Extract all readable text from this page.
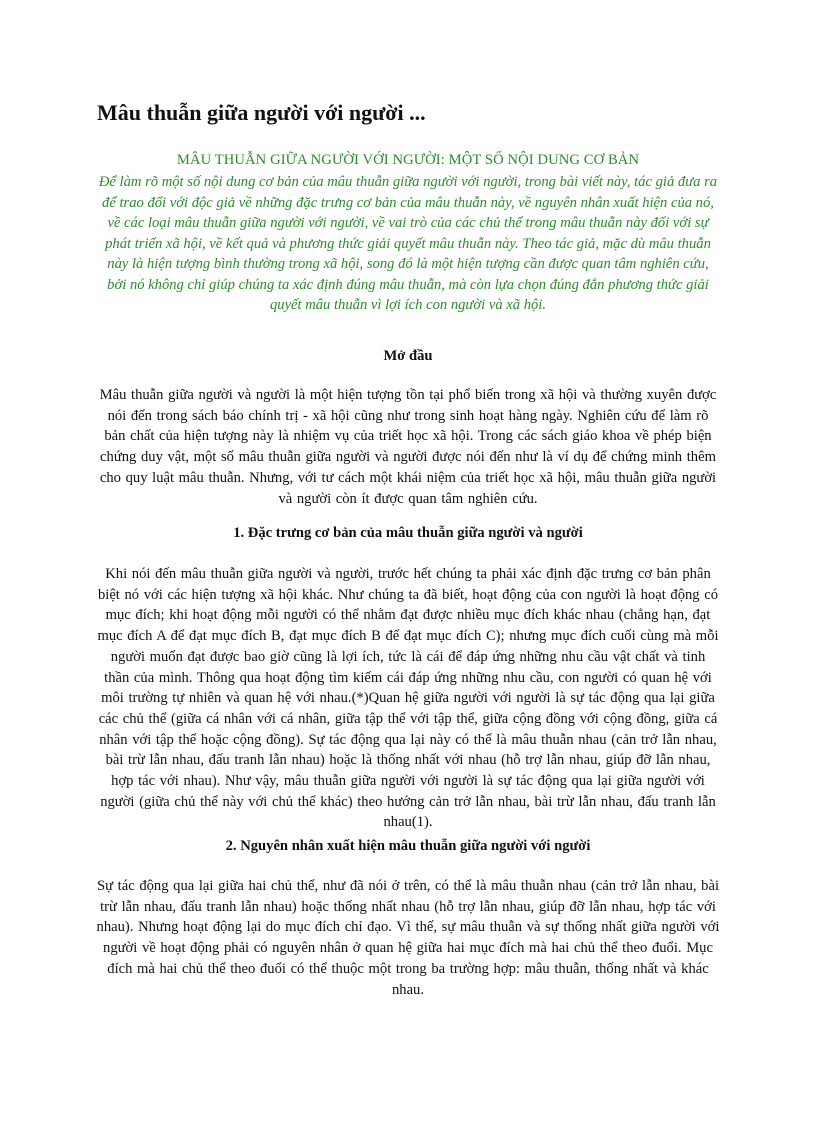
Mâu thuẫn giữa người với người ...

MÂU THUẪN GIỮA NGƯỜI VỚI NGƯỜI: MỘT SỐ NỘI DUNG CƠ BẢN

Để làm rõ một số nội dung cơ bản của mâu thuẫn giữa người với người, trong bài viết này, tác giả đưa ra để trao đổi với độc giả về những đặc trưng cơ bản của mâu thuẫn này, về nguyên nhân xuất hiện của nó, về các loại mâu thuẫn giữa người với người, về vai trò của các chủ thể trong mâu thuẫn này đối với sự phát triển xã hội, về kết quả và phương thức giải quyết mâu thuẫn này. Theo tác giả, mặc dù mâu thuẫn này là hiện tượng bình thường trong xã hội, song đó là một hiện tượng cần được quan tâm nghiên cứu, bởi nó không chỉ giúp chúng ta xác định đúng mâu thuẫn, mà còn lựa chọn đúng đắn phương thức giải quyết mâu thuẫn vì lợi ích con người và xã hội.

Mở đầu

Mâu thuẫn giữa người và người là một hiện tượng tồn tại phổ biến trong xã hội và thường xuyên được nói đến trong sách báo chính trị - xã hội cũng như trong sinh hoạt hàng ngày. Nghiên cứu để làm rõ bản chất của hiện tượng này là nhiệm vụ của triết học xã hội. Trong các sách giáo khoa về phép biện chứng duy vật, một số mâu thuẫn giữa người và người được nói đến như là ví dụ để chứng minh thêm cho quy luật mâu thuẫn. Nhưng, với tư cách một khái niệm của triết học xã hội, mâu thuẫn giữa người và người còn ít được quan tâm nghiên cứu.

1. Đặc trưng cơ bản của mâu thuẫn giữa người và người

Khi nói đến mâu thuẫn giữa người và người, trước hết chúng ta phải xác định đặc trưng cơ bản phân biệt nó với các hiện tượng xã hội khác. Như chúng ta đã biết, hoạt động của con người là hoạt động có mục đích; khi hoạt động mỗi người có thể nhằm đạt được nhiều mục đích khác nhau (chẳng hạn, đạt mục đích A để đạt mục đích B, đạt mục đích B để đạt mục đích C); nhưng mục đích cuối cùng mà mỗi người muốn đạt được bao giờ cũng là lợi ích, tức là cái để đáp ứng những nhu cầu vật chất và tinh thần của mình. Thông qua hoạt động tìm kiếm cái đáp ứng những nhu cầu, con người có quan hệ với môi trường tự nhiên và quan hệ với nhau.(*)Quan hệ giữa người với người là sự tác động qua lại giữa các chủ thể (giữa cá nhân với cá nhân, giữa tập thể với tập thể, giữa cộng đồng với cộng đồng, giữa cá nhân với tập thể hoặc cộng đồng). Sự tác động qua lại này có thể là mâu thuẫn nhau (cản trở lẫn nhau, bài trừ lẫn nhau, đấu tranh lẫn nhau) hoặc là thống nhất với nhau (hỗ trợ lẫn nhau, giúp đỡ lẫn nhau, hợp tác với nhau). Như vậy, mâu thuẫn giữa người với người là sự tác động qua lại giữa người với người (giữa chủ thể này với chủ thể khác) theo hướng cản trở lẫn nhau, bài trừ lẫn nhau, đấu tranh lẫn nhau(1).

2. Nguyên nhân xuất hiện mâu thuẫn giữa người với người

Sự tác động qua lại giữa hai chủ thể, như đã nói ở trên, có thể là mâu thuẫn nhau (cản trở lẫn nhau, bài trừ lẫn nhau, đấu tranh lẫn nhau) hoặc thống nhất nhau (hỗ trợ lẫn nhau, giúp đỡ lẫn nhau, hợp tác với nhau). Nhưng hoạt động lại do mục đích chỉ đạo. Vì thế, sự mâu thuẫn và sự thống nhất giữa người với người về hoạt động phải có nguyên nhân ở quan hệ giữa hai mục đích mà hai chủ thể theo đuổi. Mục đích mà hai chủ thể theo đuổi có thể thuộc một trong ba trường hợp: mâu thuẫn, thống nhất và khác nhau.
